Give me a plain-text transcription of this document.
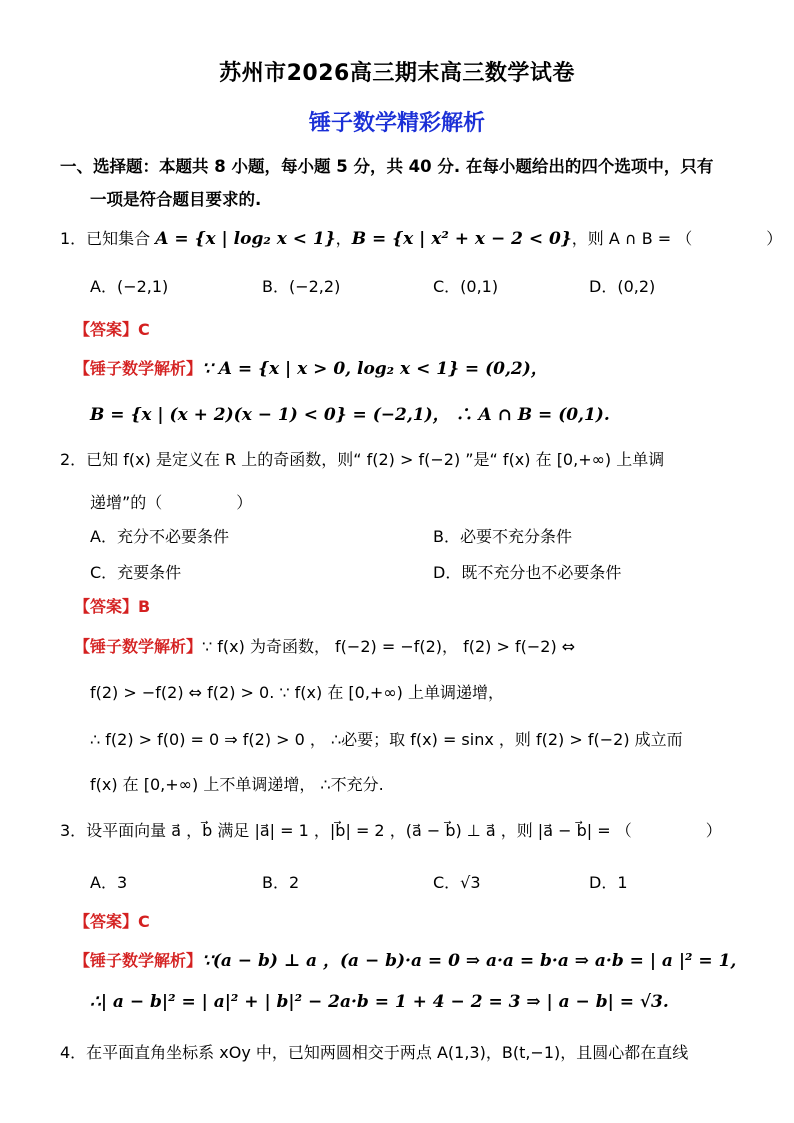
苏州市2026高三期末高三数学试卷
锤子数学精彩解析
一、选择题：本题共 8 小题，每小题 5 分，共 40 分. 在每小题给出的四个选项中，只有
一项是符合题目要求的.
1．已知集合 A = {x | log₂ x < 1}，B = {x | x² + x − 2 < 0}，则 A ∩ B = （	）
A．(−2,1)	B．(−2,2)	C．(0,1)	D．(0,2)
【答案】C
【锤子数学解析】∵ A = {x | x > 0, log₂ x < 1} = (0,2)，
B = {x | (x + 2)(x − 1) < 0} = (−2,1)， ∴ A ∩ B = (0,1).
2．已知 f(x) 是定义在 R 上的奇函数，则“ f(2) > f(−2) ”是“ f(x) 在 [0,+∞) 上单调
递增”的（	）
A．充分不必要条件	B．必要不充分条件
C．充要条件	D．既不充分也不必要条件
【答案】B
【锤子数学解析】∵ f(x) 为奇函数， f(−2) = −f(2)， f(2) > f(−2) ⇔
f(2) > −f(2) ⇔ f(2) > 0. ∵ f(x) 在 [0,+∞) 上单调递增，
∴ f(2) > f(0) = 0 ⇒ f(2) > 0 ， ∴必要；取 f(x) = sinx ，则 f(2) > f(−2) 成立而
f(x) 在 [0,+∞) 上不单调递增， ∴不充分.
3．设平面向量 a⃗ ，b⃗ 满足 |a⃗| = 1 ，|b⃗| = 2 ，(a⃗ − b⃗) ⊥ a⃗ ，则 |a⃗ − b⃗| = （	）
A．3	B．2	C．√3	D．1
【答案】C
【锤子数学解析】∵(a − b) ⊥ a ，(a − b)·a = 0 ⇒ a·a = b·a ⇒ a·b = | a |² = 1,
∴| a − b|² = | a|² + | b|² − 2a·b = 1 + 4 − 2 = 3 ⇒ | a − b| = √3.
4．在平面直角坐标系 xOy 中，已知两圆相交于两点 A(1,3)，B(t,−1)，且圆心都在直线
